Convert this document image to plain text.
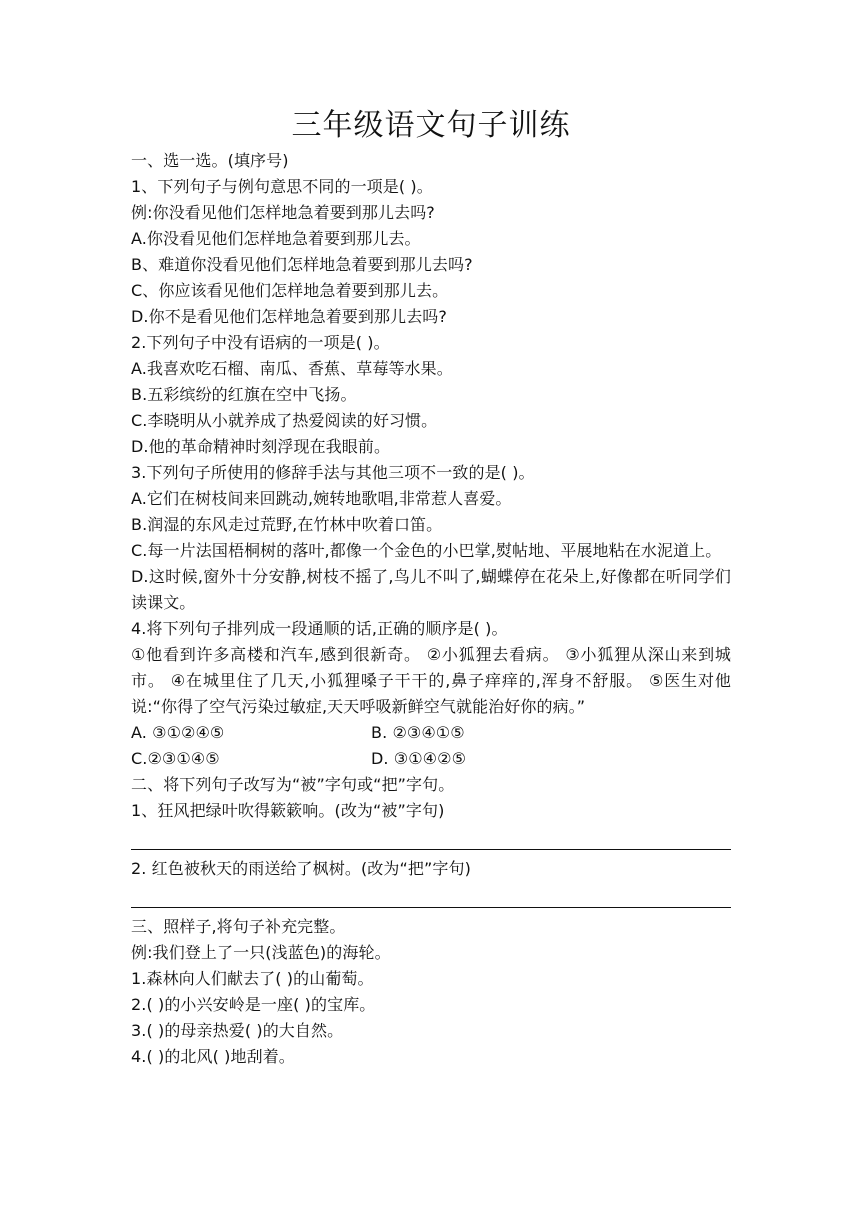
三年级语文句子训练
一、选一选。(填序号)
1、下列句子与例句意思不同的一项是( )。
例:你没看见他们怎样地急着要到那儿去吗?
A.你没看见他们怎样地急着要到那儿去。
B、难道你没看见他们怎样地急着要到那儿去吗?
C、你应该看见他们怎样地急着要到那儿去。
D.你不是看见他们怎样地急着要到那儿去吗?
2.下列句子中没有语病的一项是( )。
A.我喜欢吃石榴、南瓜、香蕉、草莓等水果。
B.五彩缤纷的红旗在空中飞扬。
C.李晓明从小就养成了热爱阅读的好习惯。
D.他的革命精神时刻浮现在我眼前。
3.下列句子所使用的修辞手法与其他三项不一致的是( )。
A.它们在树枝间来回跳动,婉转地歌唱,非常惹人喜爱。
B.润湿的东风走过荒野,在竹林中吹着口笛。
C.每一片法国梧桐树的落叶,都像一个金色的小巴掌,熨帖地、平展地粘在水泥道上。
D.这时候,窗外十分安静,树枝不摇了,鸟儿不叫了,蝴蝶停在花朵上,好像都在听同学们读课文。
4.将下列句子排列成一段通顺的话,正确的顺序是( )。
①他看到许多高楼和汽车,感到很新奇。 ②小狐狸去看病。 ③小狐狸从深山来到城市。 ④在城里住了几天,小狐狸嗓子干干的,鼻子痒痒的,浑身不舒服。 ⑤医生对他说:“你得了空气污染过敏症,天天呼吸新鲜空气就能治好你的病。”
A. ③①②④⑤	B. ②③④①⑤
C.②③①④⑤	D. ③①④②⑤
二、将下列句子改写为“被”字句或“把”字句。
1、狂风把绿叶吹得簌簌响。(改为“被”字句)
2. 红色被秋天的雨送给了枫树。(改为“把”字句)
三、照样子,将句子补充完整。
例:我们登上了一只(浅蓝色)的海轮。
1.森林向人们献去了( )的山葡萄。
2.( )的小兴安岭是一座( )的宝库。
3.( )的母亲热爱( )的大自然。
4.( )的北风( )地刮着。
